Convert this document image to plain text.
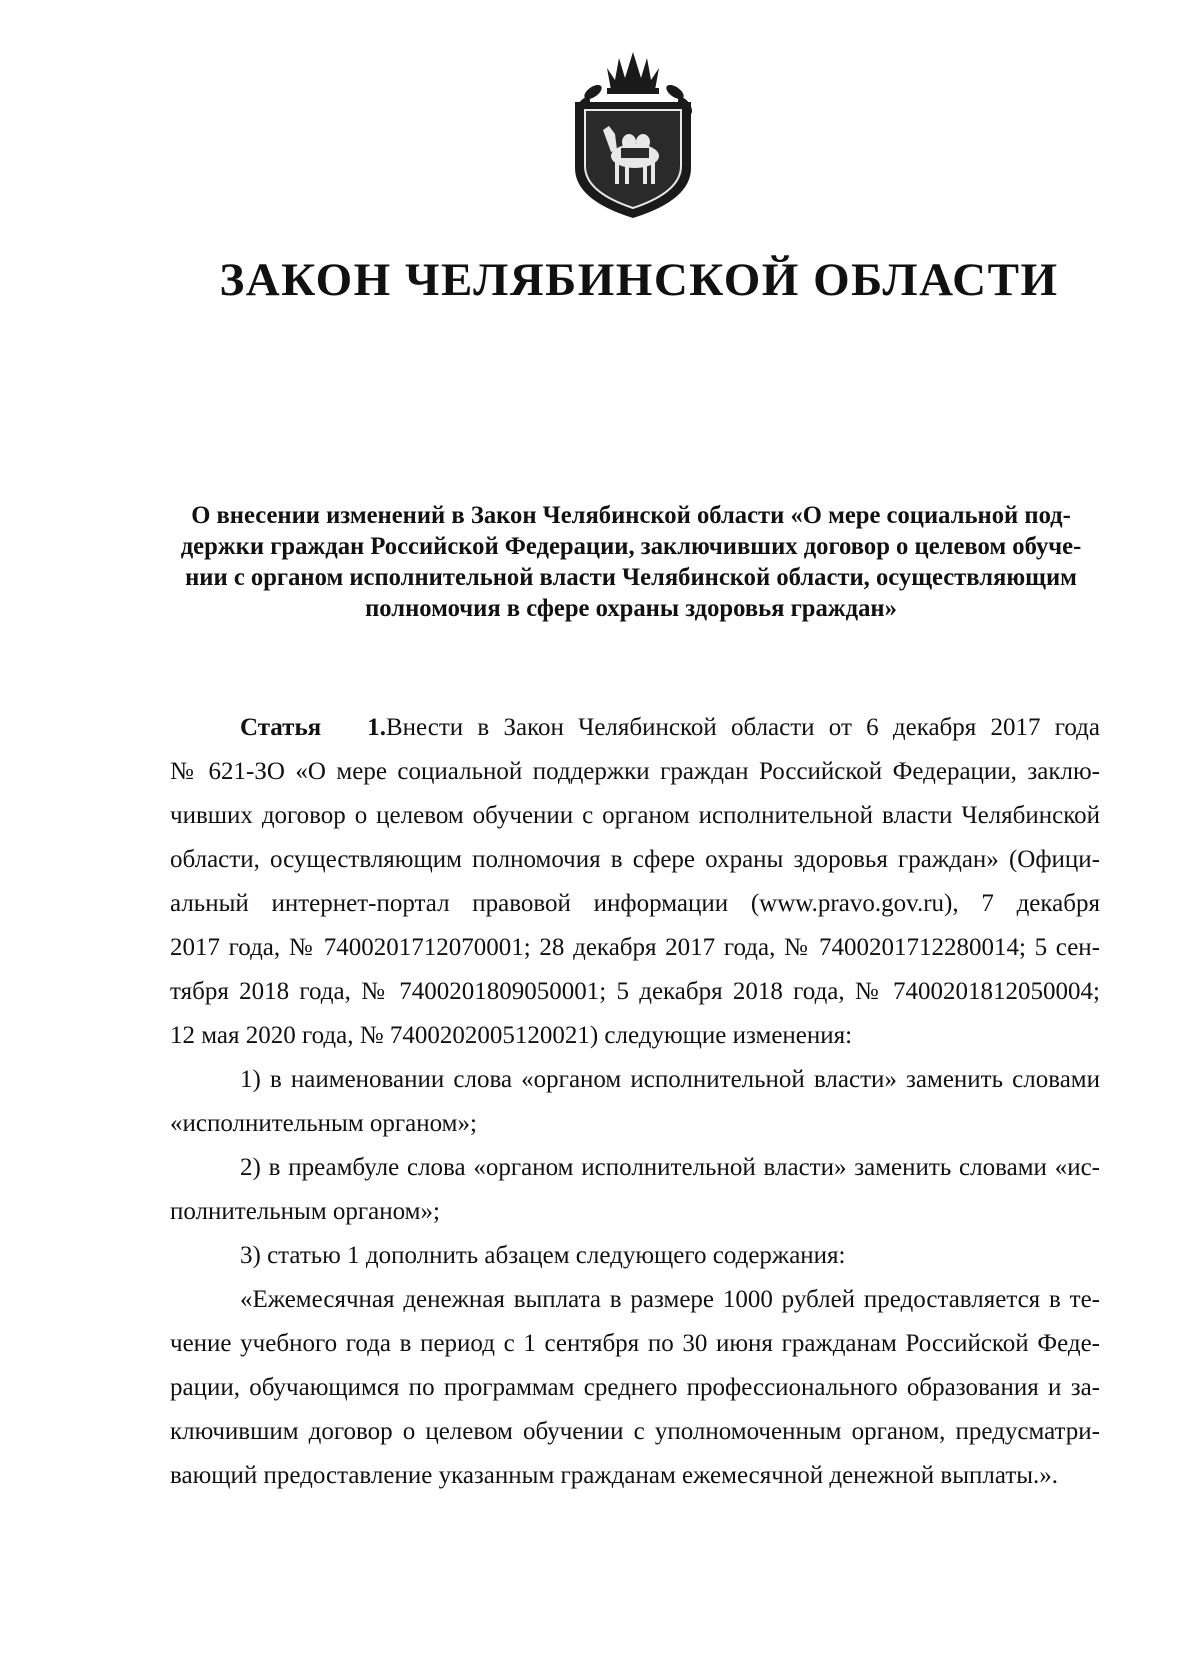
ЗАКОН ЧЕЛЯБИНСКОЙ ОБЛАСТИ
О внесении изменений в Закон Челябинской области «О мере социальной под-
держки граждан Российской Федерации, заключивших договор о целевом обуче-
нии с органом исполнительной власти Челябинской области, осуществляющим
полномочия в сфере охраны здоровья граждан»
Статья 1.Внести в Закон Челябинской области от 6 декабря 2017 года
№ 621-ЗО «О мере социальной поддержки граждан Российской Федерации, заклю-
чивших договор о целевом обучении с органом исполнительной власти Челябинской
области, осуществляющим полномочия в сфере охраны здоровья граждан» (Офици-
альный интернет-портал правовой информации (www.pravo.gov.ru), 7 декабря
2017 года, № 7400201712070001; 28 декабря 2017 года, № 7400201712280014; 5 сен-
тября 2018 года, № 7400201809050001; 5 декабря 2018 года, № 7400201812050004;
12 мая 2020 года, № 7400202005120021) следующие изменения:
1) в наименовании слова «органом исполнительной власти» заменить словами
«исполнительным органом»;
2) в преамбуле слова «органом исполнительной власти» заменить словами «ис-
полнительным органом»;
3) статью 1 дополнить абзацем следующего содержания:
«Ежемесячная денежная выплата в размере 1000 рублей предоставляется в те-
чение учебного года в период с 1 сентября по 30 июня гражданам Российской Феде-
рации, обучающимся по программам среднего профессионального образования и за-
ключившим договор о целевом обучении с уполномоченным органом, предусматри-
вающий предоставление указанным гражданам ежемесячной денежной выплаты.».
